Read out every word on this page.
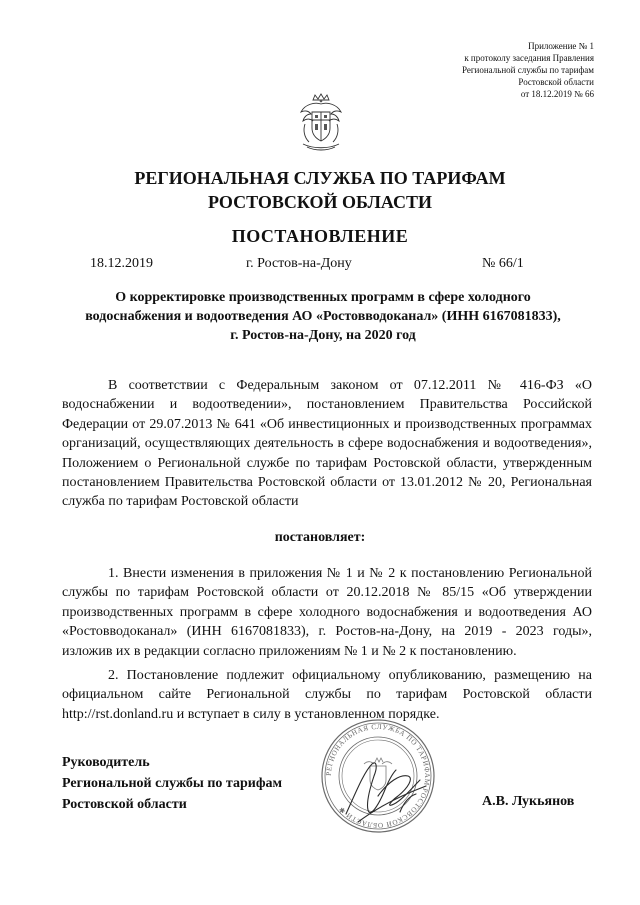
Приложение № 1
к протоколу заседания Правления
Региональной службы по тарифам
Ростовской области
от 18.12.2019 № 66
РЕГИОНАЛЬНАЯ СЛУЖБА ПО ТАРИФАМ
РОСТОВСКОЙ ОБЛАСТИ
ПОСТАНОВЛЕНИЕ
18.12.2019	г. Ростов-на-Дону	№ 66/1
О корректировке производственных программ в сфере холодного
водоснабжения и водоотведения АО «Ростовводоканал» (ИНН 6167081833),
г. Ростов-на-Дону, на 2020 год

В соответствии с Федеральным законом от 07.12.2011 № 416-ФЗ «О водоснабжении и водоотведении», постановлением Правительства Российской Федерации от 29.07.2013 № 641 «Об инвестиционных и производственных программах организаций, осуществляющих деятельность в сфере водоснабжения и водоотведения», Положением о Региональной службе по тарифам Ростовской области, утвержденным постановлением Правительства Ростовской области от 13.01.2012 № 20, Региональная служба по тарифам Ростовской области

постановляет:

1. Внести изменения в приложения № 1 и № 2 к постановлению Региональной службы по тарифам Ростовской области от 20.12.2018 № 85/15 «Об утверждении производственных программ в сфере холодного водоснабжения и водоотведения АО «Ростовводоканал» (ИНН 6167081833), г. Ростов-на-Дону, на 2019 - 2023 годы», изложив их в редакции согласно приложениям № 1 и № 2 к постановлению.

2. Постановление подлежит официальному опубликованию, размещению на официальном сайте Региональной службы по тарифам Ростовской области http://rst.donland.ru и вступает в силу в установленном порядке.

РЕГИОНАЛЬНАЯ СЛУЖБА ПО ТАРИФАМ РОСТОВСКОЙ ОБЛАСТИ ✱
Руководитель
Региональной службы по тарифам
Ростовской области	А.В. Лукьянов
